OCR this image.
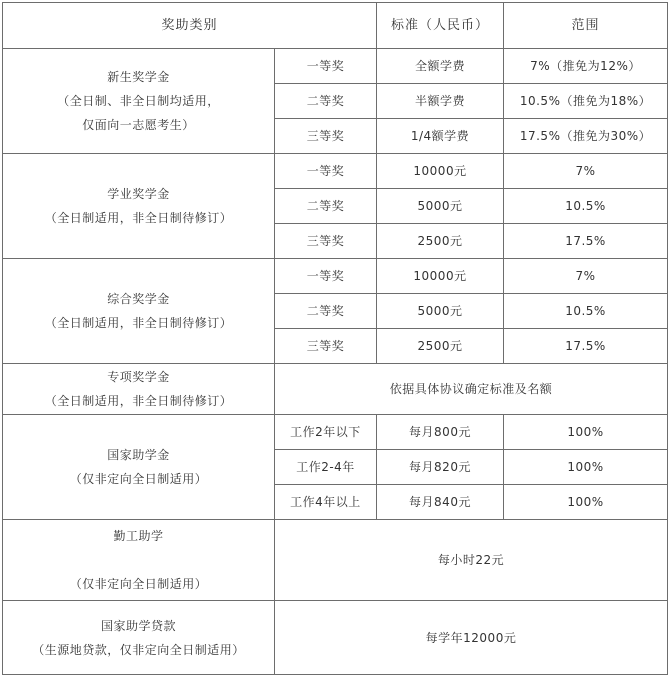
奖助类别		标准（人民币）	范围

新生奖学金
（全日制、非全日制均适用，
仅面向一志愿考生）	一等奖	全额学费	7%（推免为12%）
	二等奖	半额学费	10.5%（推免为18%）
	三等奖	1/4额学费	17.5%（推免为30%）

学业奖学金
（全日制适用，非全日制待修订）	一等奖	10000元	7%
	二等奖	5000元	10.5%
	三等奖	2500元	17.5%

综合奖学金
（全日制适用，非全日制待修订）	一等奖	10000元	7%
	二等奖	5000元	10.5%
	三等奖	2500元	17.5%

专项奖学金
（全日制适用，非全日制待修订）	依据具体协议确定标准及名额		

国家助学金
（仅非定向全日制适用）	工作2年以下	每月800元	100%
	工作2-4年	每月820元	100%
	工作4年以上	每月840元	100%

勤工助学
（仅非定向全日制适用）	每小时22元		

国家助学贷款
（生源地贷款，仅非定向全日制适用）	每学年12000元		
